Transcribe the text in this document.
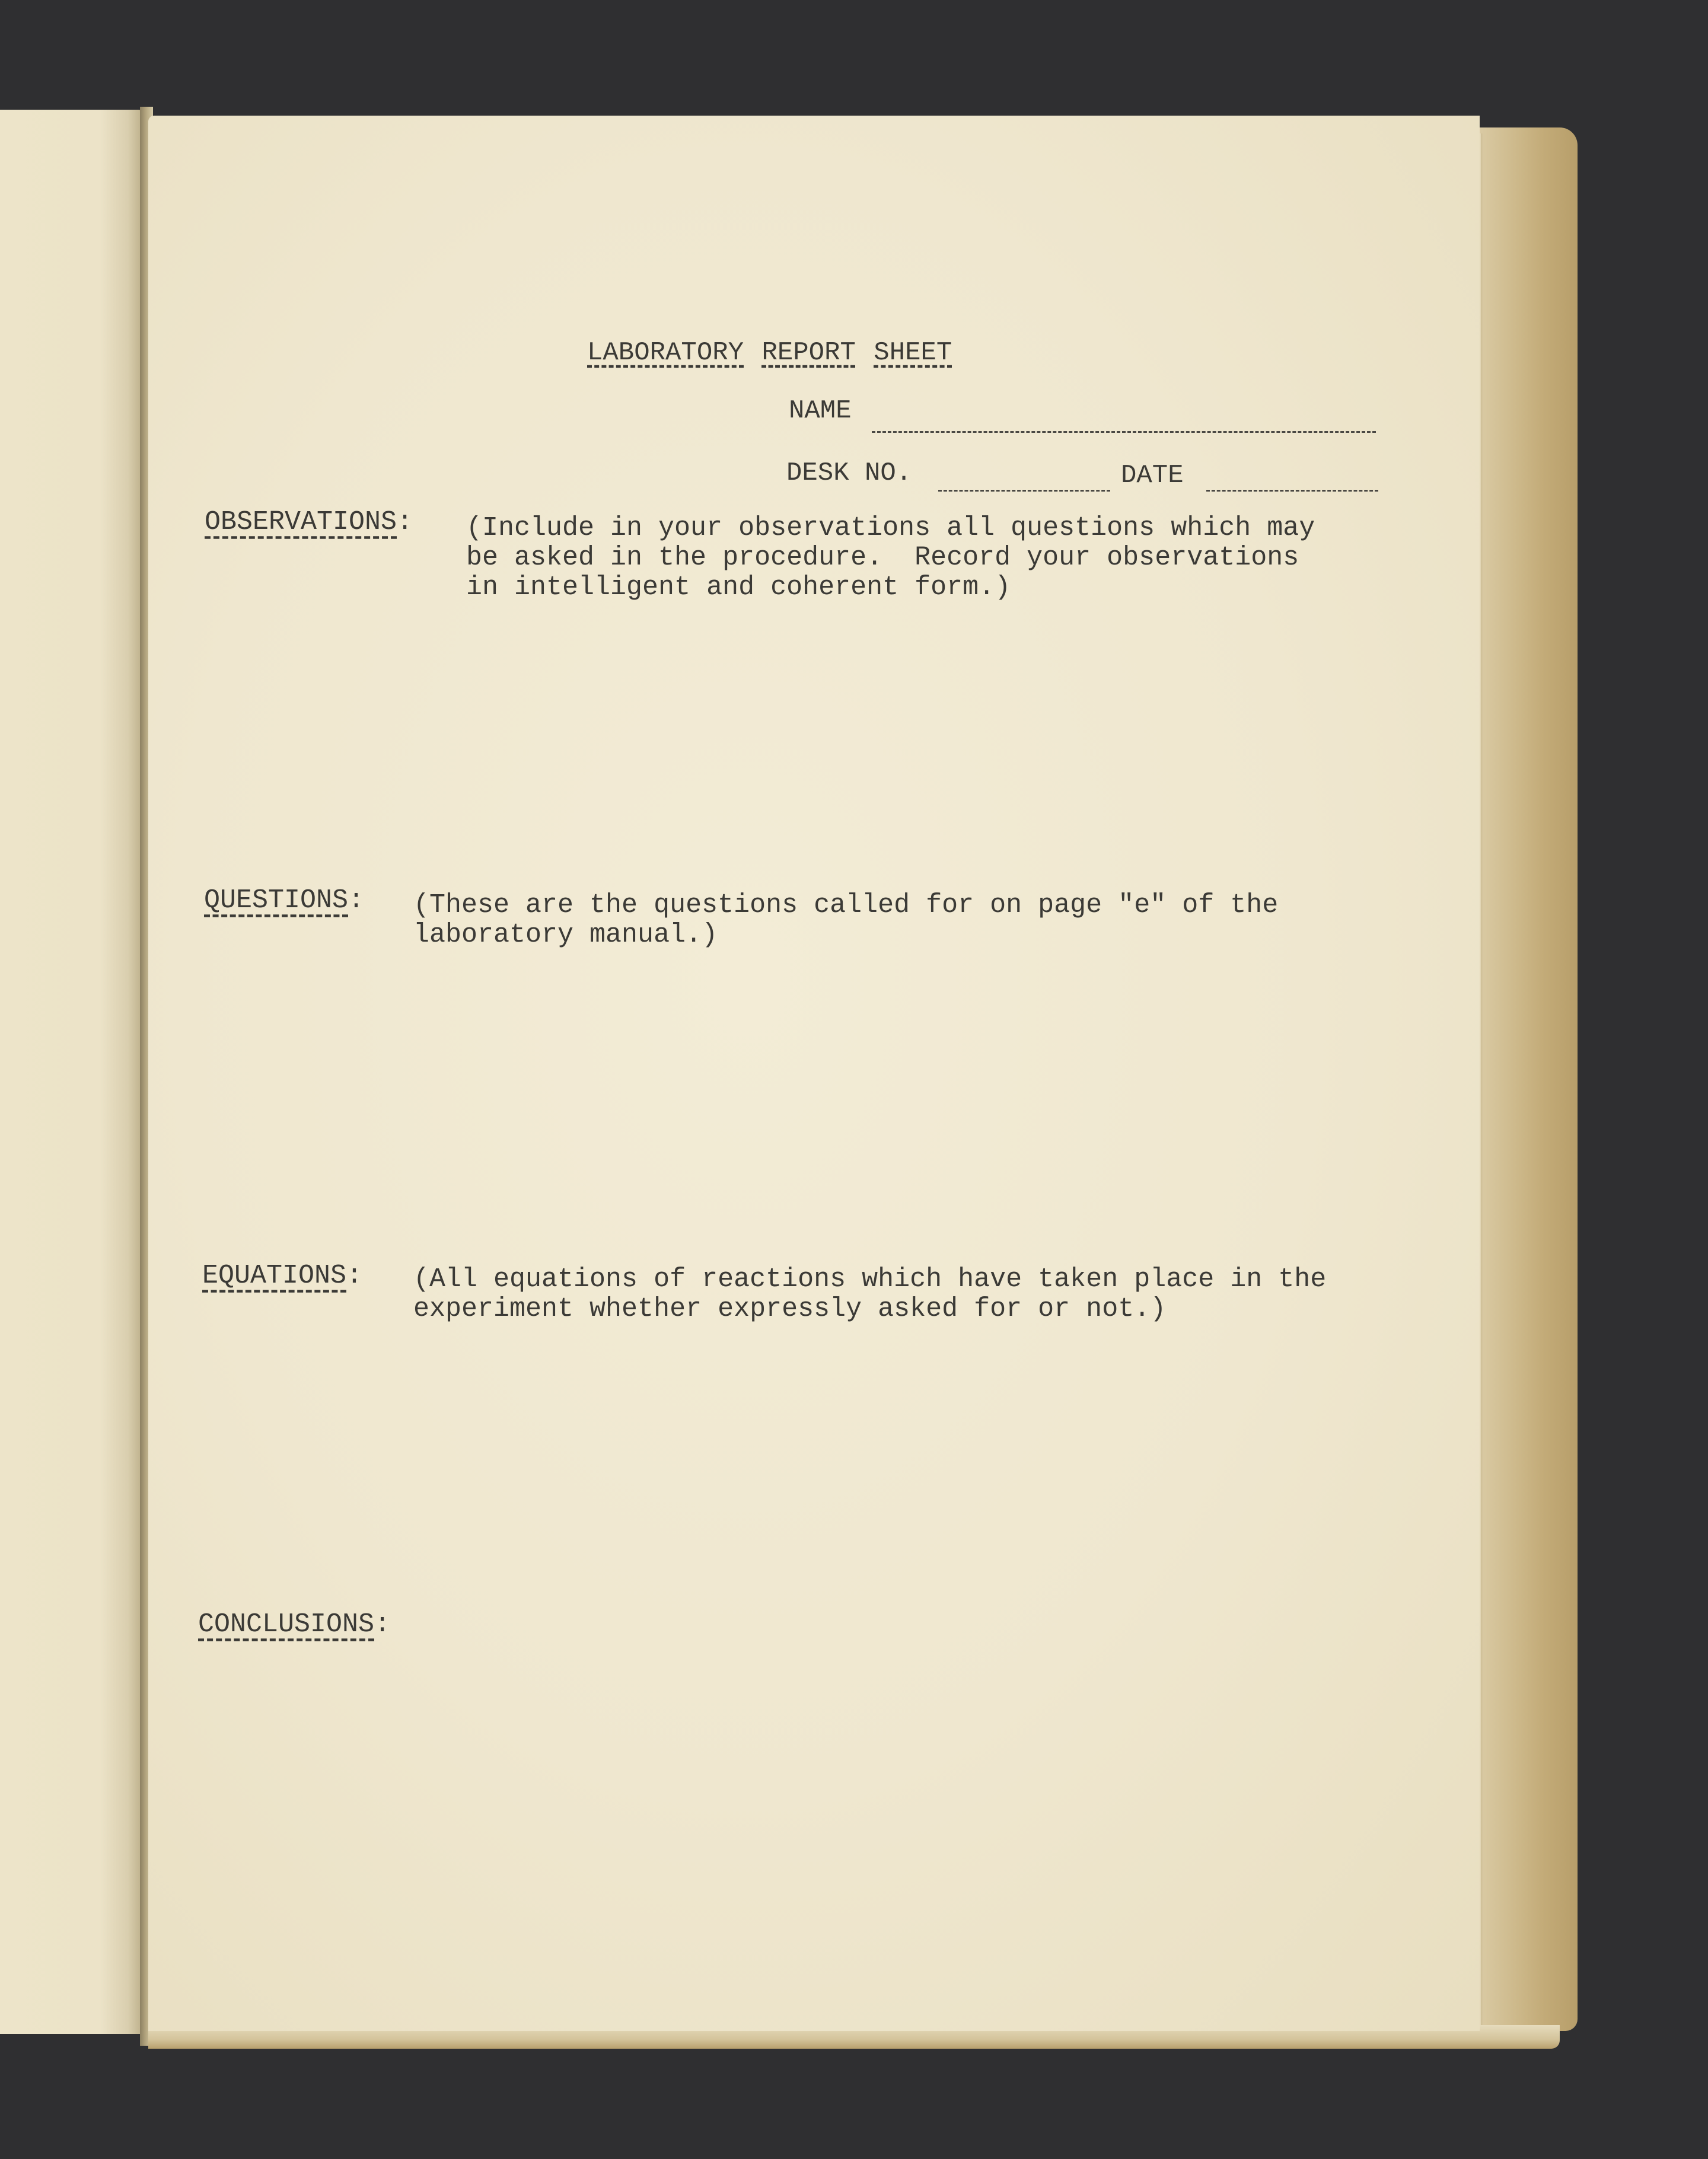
LABORATORY REPORT SHEET
NAME
DESK NO.	DATE
OBSERVATIONS: (Include in your observations all questions which may
be asked in the procedure.  Record your observations
in intelligent and coherent form.)
QUESTIONS: (These are the questions called for on page "e" of the
laboratory manual.)
EQUATIONS: (All equations of reactions which have taken place in the
experiment whether expressly asked for or not.)
CONCLUSIONS:
